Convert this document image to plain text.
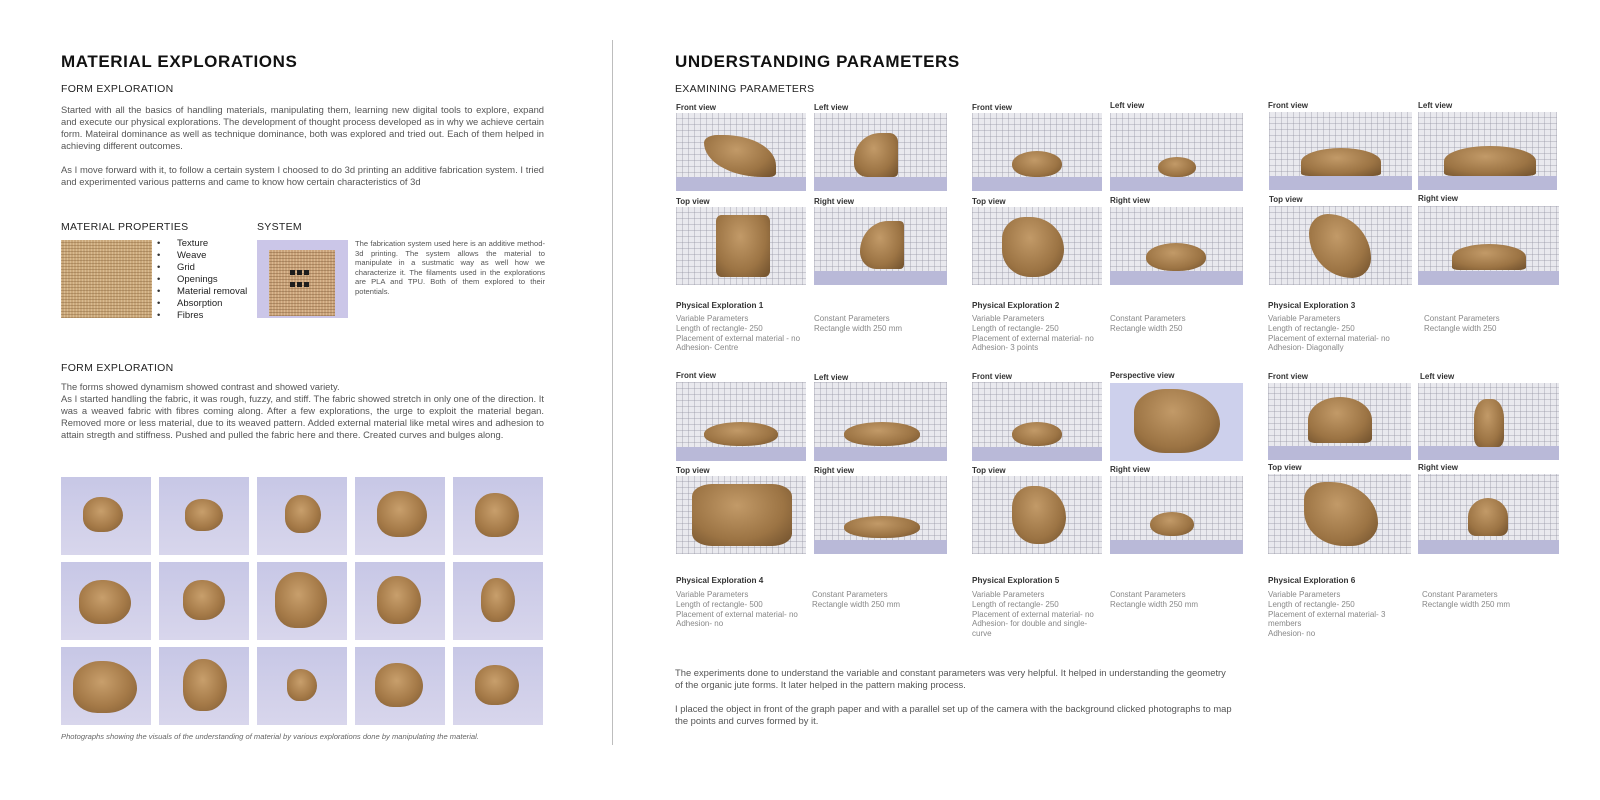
MATERIAL EXPLORATIONS
FORM EXPLORATION

Started with all the basics of handling materials, manipulating them, learning new digital tools to explore, expand and execute our physical explorations. The development of thought process developed as in why we achieve certain form. Mateiral dominance as well as technique dominance, both was explored and tried out. Each of them helped in achieving different outcomes.

As I move forward with it, to follow a certain system I choosed to do 3d printing an additive fabrication system. I tried and experimented various patterns and came to know how certain characteristics of 3d

MATERIAL PROPERTIES
• Texture
• Weave
• Grid
• Openings
• Material removal
• Absorption
• Fibres
SYSTEM

The fabrication system used here is an additive method- 3d printing. The system allows the material to manipulate in a sustmatic way as well how we characterize it. The filaments used in the explorations are PLA and TPU. Both of them explored to their potentials.

FORM EXPLORATION

The forms showed dynamism showed contrast and showed variety.
As I started handling the fabric, it was rough, fuzzy, and stiff. The fabric showed stretch in only one of the direction. It was a weaved fabric with fibres coming along. After a few explorations, the urge to exploit the material began. Removed more or less material, due to its weaved pattern. Added external material like metal wires and adhesion to attain stregth and stiffness. Pushed and pulled the fabric here and there. Created curves and bulges along.

Photographs showing the visuals of the understanding of material by various explorations done by manipulating the material.
UNDERSTANDING PARAMETERS
EXAMINING PARAMETERS
Front view	Left view
Top view	Right view
Physical Exploration 1
Variable Parameters
Length of rectangle- 250
Placement of external material - no
Adhesion- Centre
Constant Parameters
Rectangle width 250 mm
Front view	Left view
Top view	Right view
Physical Exploration 2
Variable Parameters
Length of rectangle- 250
Placement of external material- no
Adhesion- 3 points
Constant Parameters
Rectangle width 250
Front view	Left view
Top view	Right view
Physical Exploration 3
Variable Parameters
Length of rectangle- 250
Placement of external material- no
Adhesion- Diagonally
Constant Parameters
Rectangle width 250
Front view	Left view
Top view	Right view
Physical Exploration 4
Variable Parameters
Length of rectangle- 500
Placement of external material- no
Adhesion- no
Constant Parameters
Rectangle width 250 mm
Front view	Perspective view
Top view	Right view
Physical Exploration 5
Variable Parameters
Length of rectangle- 250
Placement of external material- no
Adhesion- for double and single-
curve
Constant Parameters
Rectangle width 250 mm
Front view	Left view
Top view	Right view
Physical Exploration 6
Variable Parameters
Length of rectangle- 250
Placement of external material- 3
members
Adhesion- no
Constant Parameters
Rectangle width 250 mm

The experiments done to understand the variable and constant parameters was very helpful. It helped in understanding the geometry of the organic jute forms. It later helped in the pattern making process.

I placed the object in front of the graph paper and with a parallel set up of the camera with the background clicked photographs to map the points and curves formed by it.
